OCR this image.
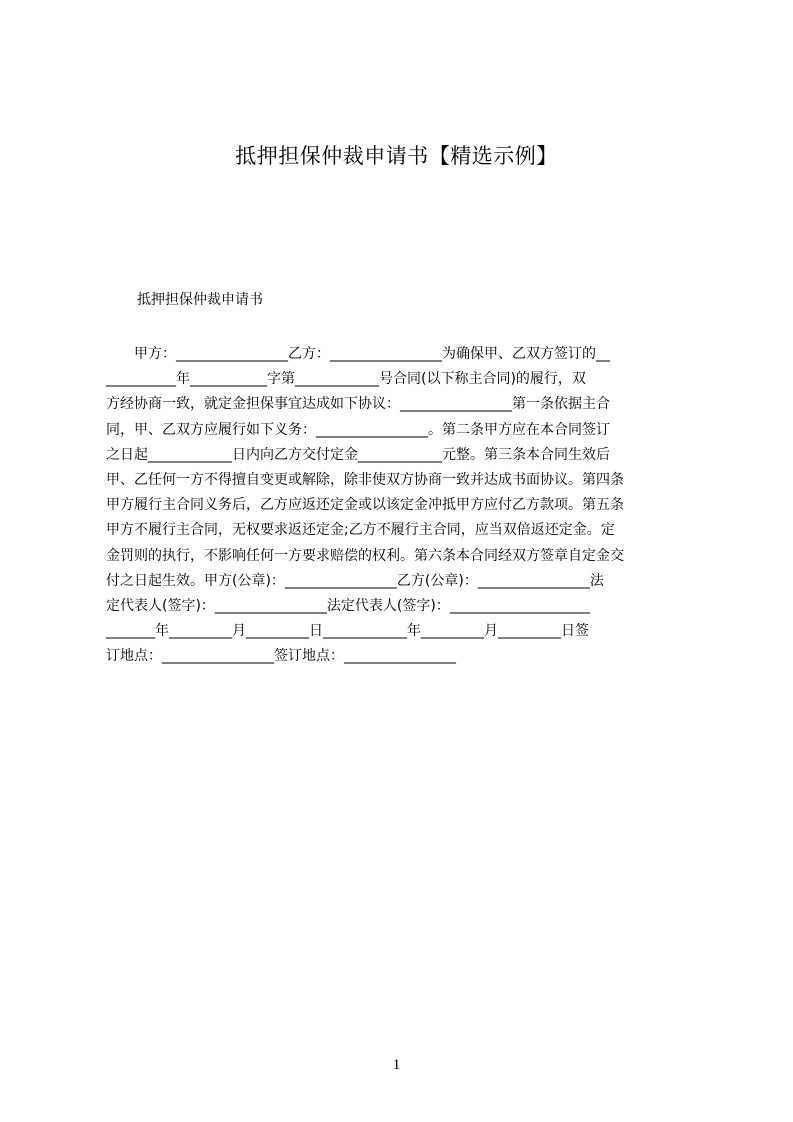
抵押担保仲裁申请书【精选示例】
抵押担保仲裁申请书
　　甲方：________________乙方：________________为确保甲、乙双方签订的__
__________年___________字第____________号合同(以下称主合同)的履行，双
方经协商一致，就定金担保事宜达成如下协议：________________第一条依据主合
同，甲、乙双方应履行如下义务：________________。第二条甲方应在本合同签订
之日起____________日内向乙方交付定金____________元整。第三条本合同生效后
甲、乙任何一方不得擅自变更或解除，除非使双方协商一致并达成书面协议。第四条
甲方履行主合同义务后，乙方应返还定金或以该定金冲抵甲方应付乙方款项。第五条
甲方不履行主合同，无权要求返还定金;乙方不履行主合同，应当双倍返还定金。定
金罚则的执行，不影响任何一方要求赔偿的权利。第六条本合同经双方签章自定金交
付之日起生效。甲方(公章)：________________乙方(公章)：________________法
定代表人(签字)：________________法定代表人(签字)：____________________
_______年_________月_________日____________年_________月_________日签
订地点：________________签订地点：________________
1
